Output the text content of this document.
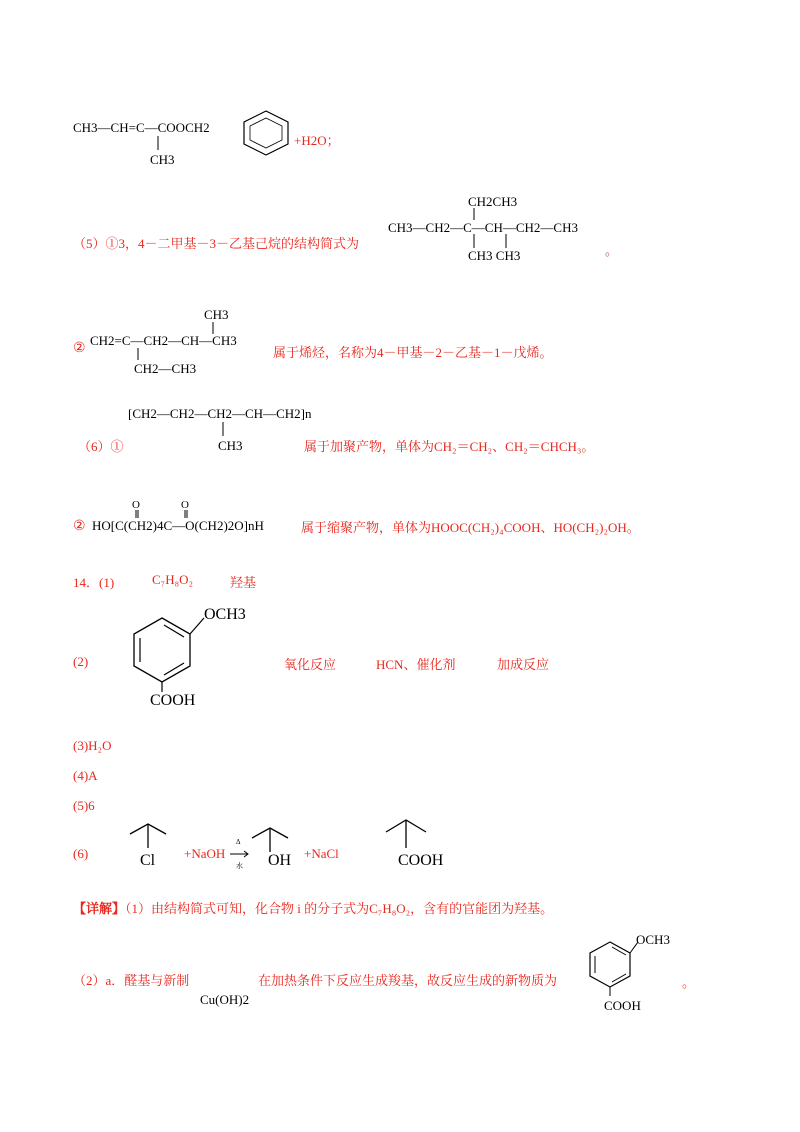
CH3—CH=C—COOCH2
CH3
+H2O；
（5）①3，4－二甲基－3－乙基己烷的结构简式为
CH2CH3
CH3—CH2—C—CH—CH2—CH3
CH3 CH3	。
②
CH3
CH2=C—CH2—CH—CH3
CH2—CH3
属于烯烃，名称为4－甲基－2－乙基－1－戊烯。
[CH2—CH2—CH2—CH—CH2]n
CH3
（6）①	属于加聚产物，单体为CH₂＝CH₂、CH₂＝CHCH₃。
②
O	O
HO[C(CH2)4C—O(CH2)2O]nH	属于缩聚产物，单体为HOOC(CH₂)₄COOH、HO(CH₂)₂OH。
14．(1)	C₇H₈O₂	羟基
(2)
OCH3
COOH
氧化反应	HCN、催化剂	加成反应
(3)H₂O
(4)A
(5)6
(6)	Cl +NaOH
Δ
水 OH +NaCl	COOH
【详解】（1）由结构简式可知，化合物 i 的分子式为C₇H₈O₂，含有的官能团为羟基。
（2）a．醛基与新制
Cu(OH)2
在加热条件下反应生成羧基，故反应生成的新物质为
OCH3
COOH
。
